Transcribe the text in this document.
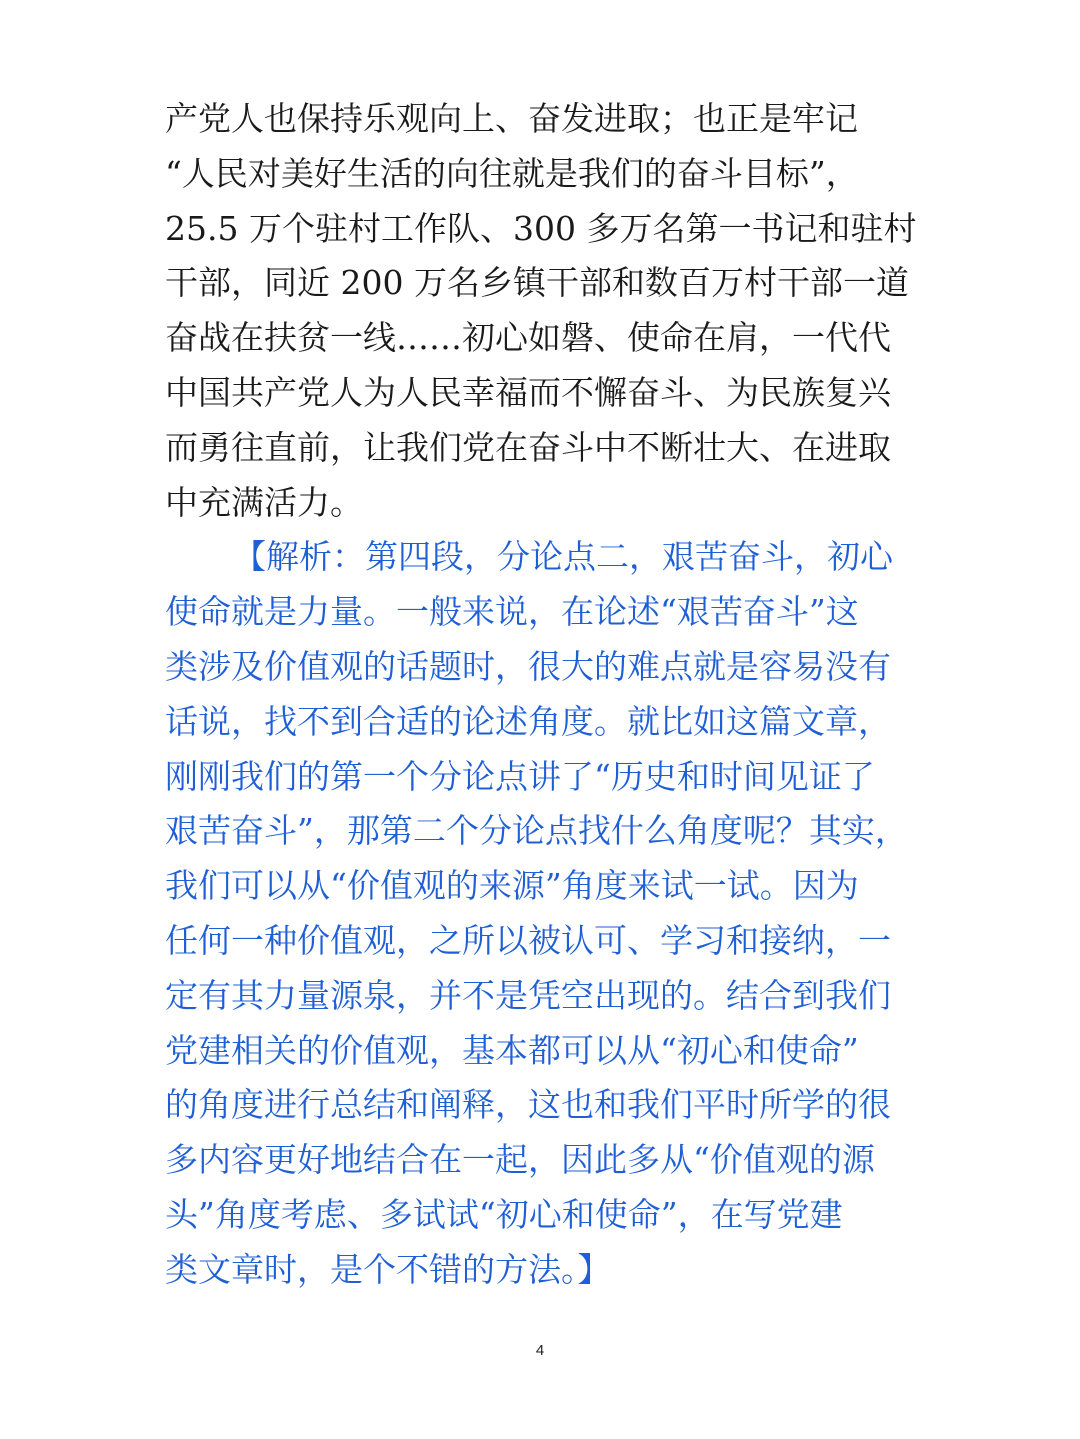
产党人也保持乐观向上、奋发进取；也正是牢记
“人民对美好生活的向往就是我们的奋斗目标”，
25.5 万个驻村工作队、300 多万名第一书记和驻村
干部，同近 200 万名乡镇干部和数百万村干部一道
奋战在扶贫一线……初心如磐、使命在肩，一代代
中国共产党人为人民幸福而不懈奋斗、为民族复兴
而勇往直前，让我们党在奋斗中不断壮大、在进取
中充满活力。
【解析：第四段，分论点二，艰苦奋斗，初心
使命就是力量。一般来说，在论述“艰苦奋斗”这
类涉及价值观的话题时，很大的难点就是容易没有
话说，找不到合适的论述角度。就比如这篇文章，
刚刚我们的第一个分论点讲了“历史和时间见证了
艰苦奋斗”，那第二个分论点找什么角度呢？其实，
我们可以从“价值观的来源”角度来试一试。因为
任何一种价值观，之所以被认可、学习和接纳，一
定有其力量源泉，并不是凭空出现的。结合到我们
党建相关的价值观，基本都可以从“初心和使命”
的角度进行总结和阐释，这也和我们平时所学的很
多内容更好地结合在一起，因此多从“价值观的源
头”角度考虑、多试试“初心和使命”，在写党建
类文章时，是个不错的方法。】
4
